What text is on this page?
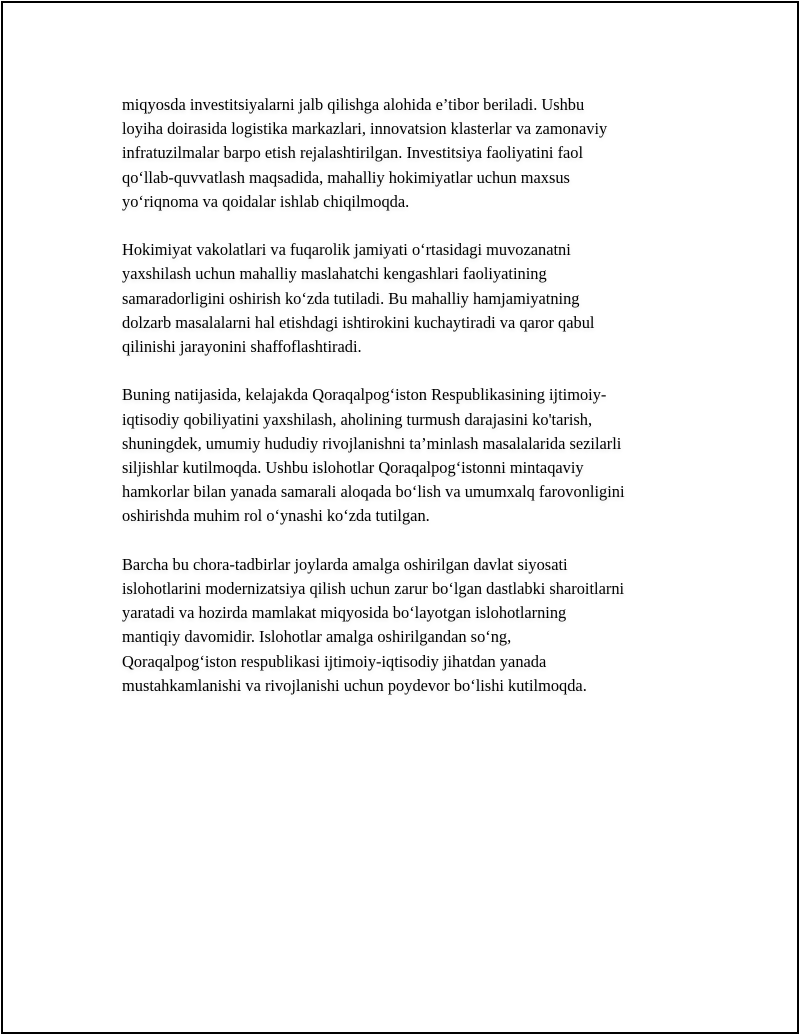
miqyosda investitsiyalarni jalb qilishga alohida e’tibor beriladi. Ushbu
loyiha doirasida logistika markazlari, innovatsion klasterlar va zamonaviy
infratuzilmalar barpo etish rejalashtirilgan. Investitsiya faoliyatini faol
qo‘llab-quvvatlash maqsadida, mahalliy hokimiyatlar uchun maxsus
yo‘riqnoma va qoidalar ishlab chiqilmoqda.

Hokimiyat vakolatlari va fuqarolik jamiyati o‘rtasidagi muvozanatni
yaxshilash uchun mahalliy maslahatchi kengashlari faoliyatining
samaradorligini oshirish ko‘zda tutiladi. Bu mahalliy hamjamiyatning
dolzarb masalalarni hal etishdagi ishtirokini kuchaytiradi va qaror qabul
qilinishi jarayonini shaffoflashtiradi.

Buning natijasida, kelajakda Qoraqalpog‘iston Respublikasining ijtimoiy-
iqtisodiy qobiliyatini yaxshilash, aholining turmush darajasini ko'tarish,
shuningdek, umumiy hududiy rivojlanishni ta’minlash masalalarida sezilarli
siljishlar kutilmoqda. Ushbu islohotlar Qoraqalpog‘istonni mintaqaviy
hamkorlar bilan yanada samarali aloqada bo‘lish va umumxalq farovonligini
oshirishda muhim rol o‘ynashi ko‘zda tutilgan.

Barcha bu chora-tadbirlar joylarda amalga oshirilgan davlat siyosati
islohotlarini modernizatsiya qilish uchun zarur bo‘lgan dastlabki sharoitlarni
yaratadi va hozirda mamlakat miqyosida bo‘layotgan islohotlarning
mantiqiy davomidir. Islohotlar amalga oshirilgandan so‘ng,
Qoraqalpog‘iston respublikasi ijtimoiy-iqtisodiy jihatdan yanada
mustahkamlanishi va rivojlanishi uchun poydevor bo‘lishi kutilmoqda.
